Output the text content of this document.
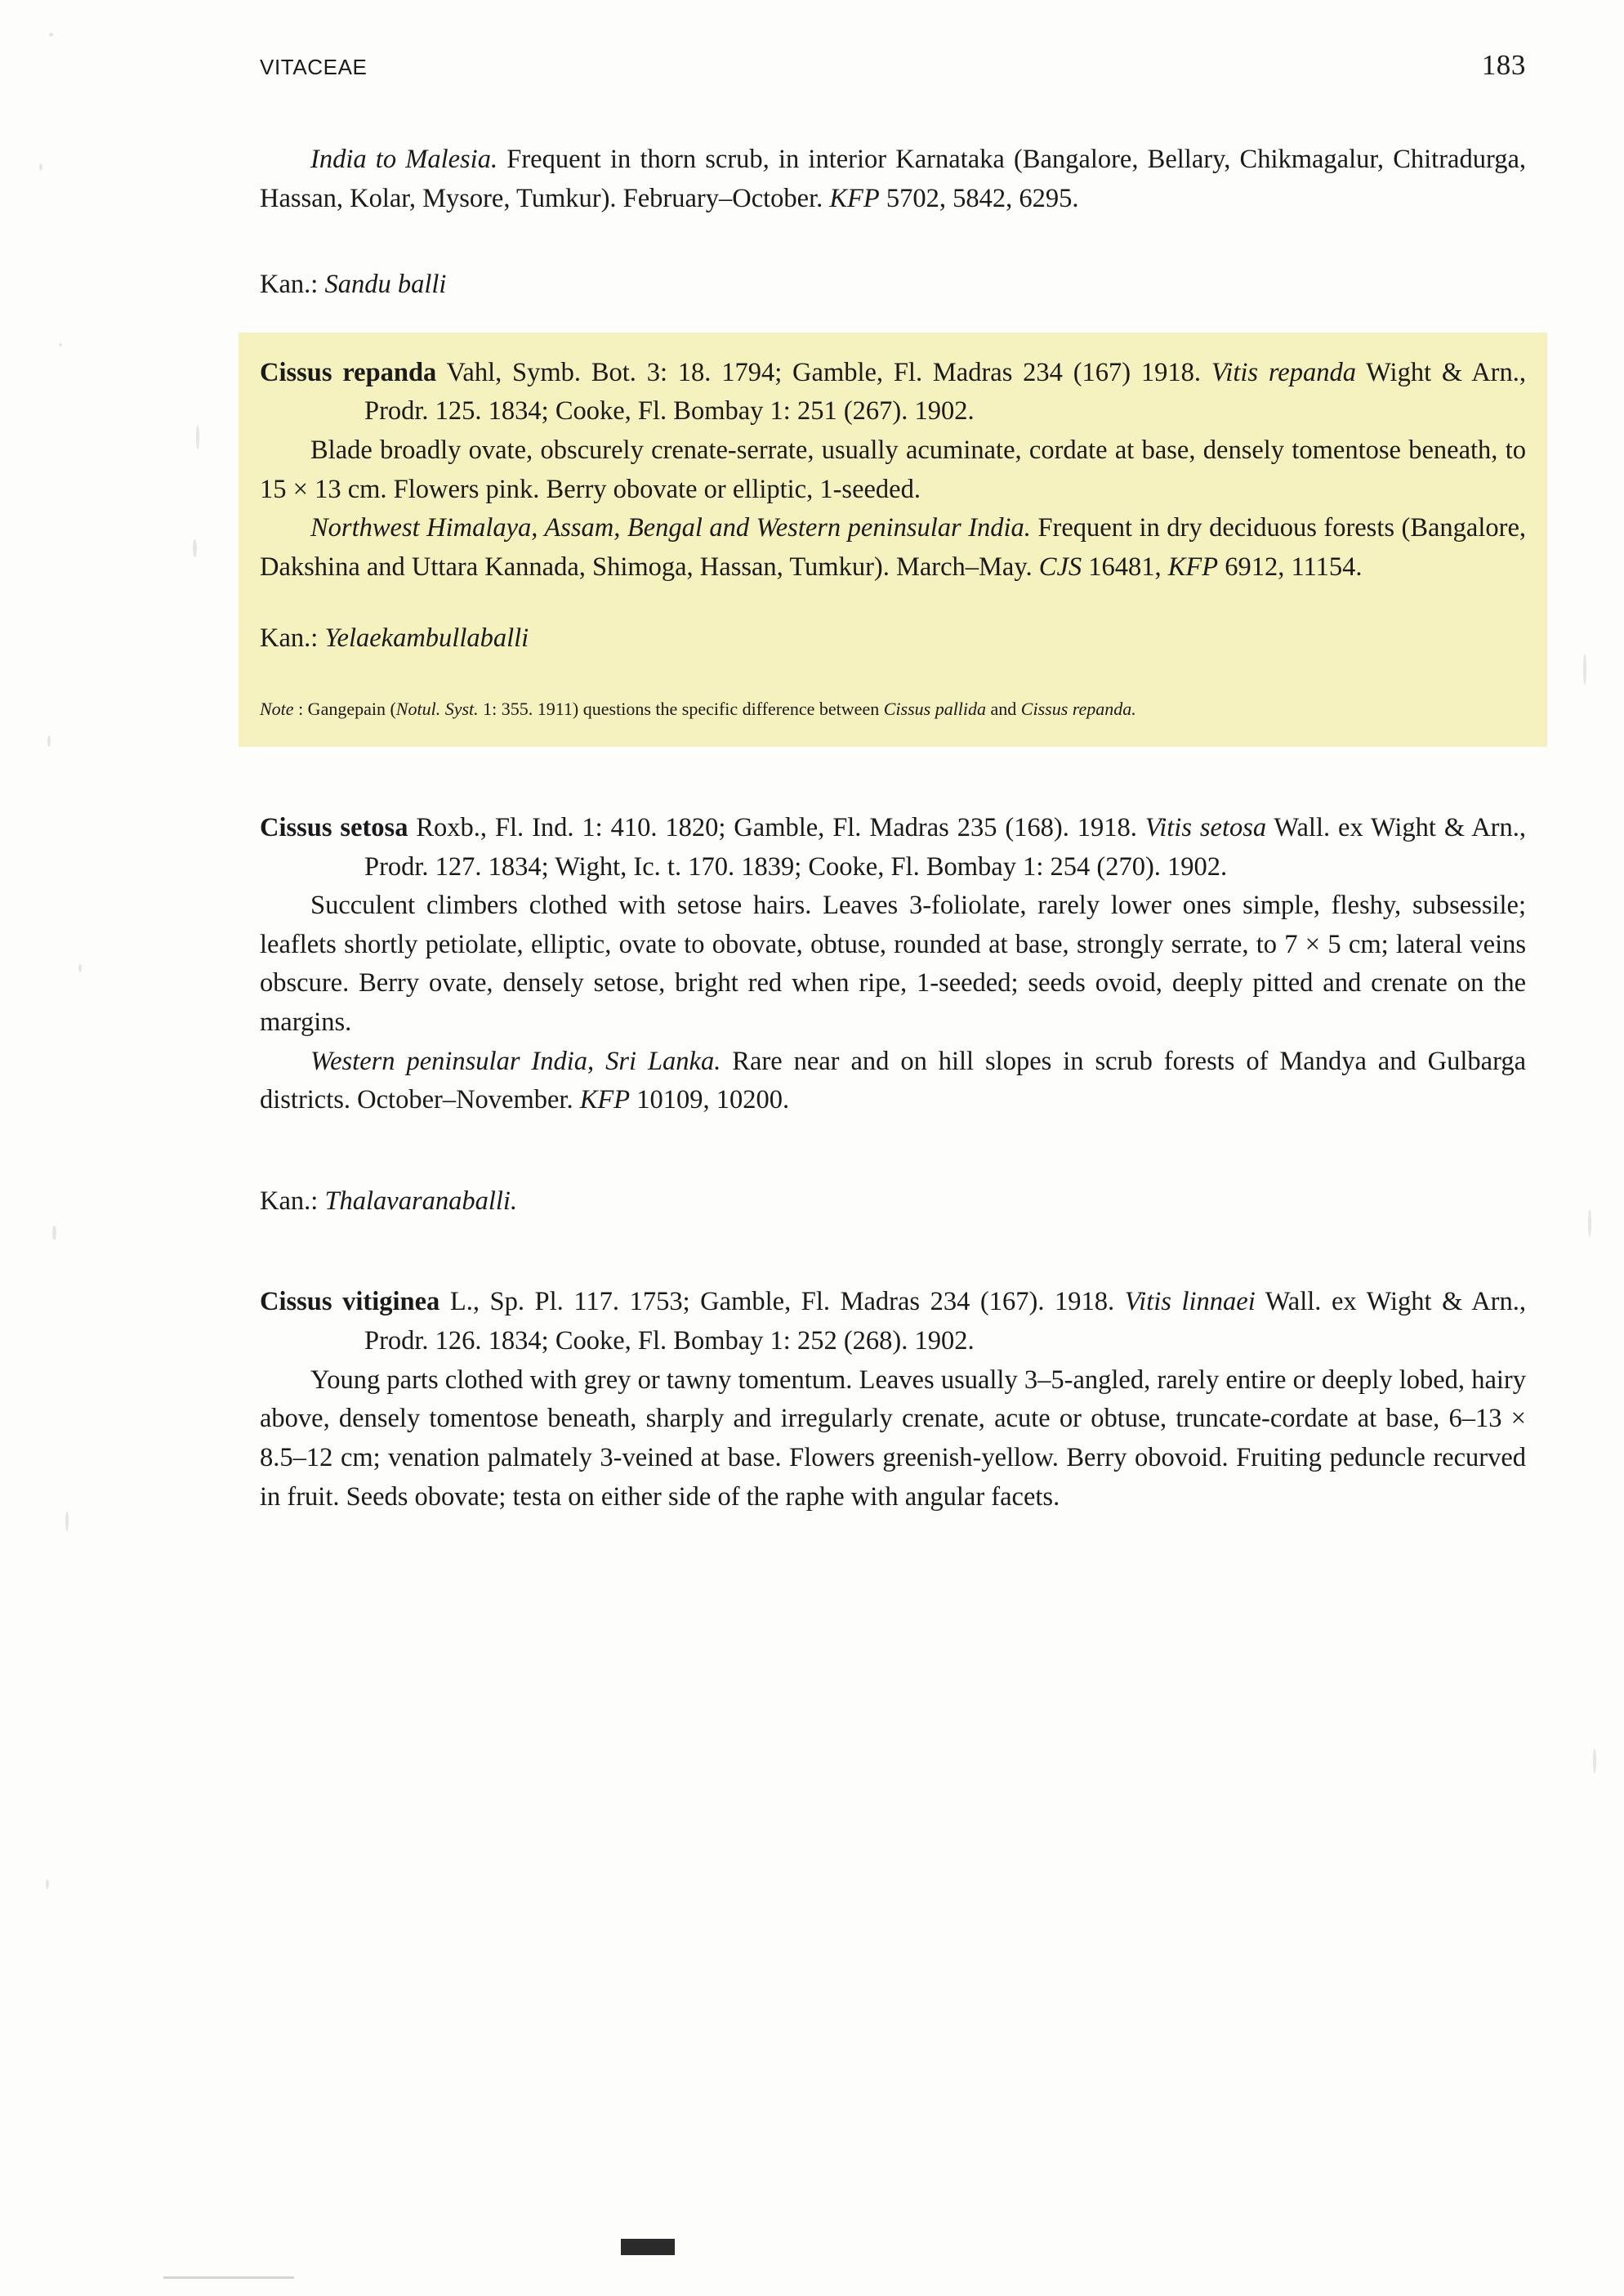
VITACEAE	183

India to Malesia. Frequent in thorn scrub, in interior Karnataka (Bangalore, Bellary, Chikmagalur, Chitradurga, Hassan, Kolar, Mysore, Tumkur). February–October. KFP 5702, 5842, 6295.

Kan.: Sandu balli

Cissus repanda Vahl, Symb. Bot. 3: 18. 1794; Gamble, Fl. Madras 234 (167) 1918. Vitis repanda Wight & Arn., Prodr. 125. 1834; Cooke, Fl. Bombay 1: 251 (267). 1902.

Blade broadly ovate, obscurely crenate-serrate, usually acuminate, cordate at base, densely tomentose beneath, to 15 × 13 cm. Flowers pink. Berry obovate or elliptic, 1-seeded.

Northwest Himalaya, Assam, Bengal and Western peninsular India. Frequent in dry deciduous forests (Bangalore, Dakshina and Uttara Kannada, Shimoga, Hassan, Tumkur). March–May. CJS 16481, KFP 6912, 11154.

Kan.: Yelaekambullaballi

Note : Gangepain (Notul. Syst. 1: 355. 1911) questions the specific difference between Cissus pallida and Cissus repanda.

Cissus setosa Roxb., Fl. Ind. 1: 410. 1820; Gamble, Fl. Madras 235 (168). 1918. Vitis setosa Wall. ex Wight & Arn., Prodr. 127. 1834; Wight, Ic. t. 170. 1839; Cooke, Fl. Bombay 1: 254 (270). 1902.

Succulent climbers clothed with setose hairs. Leaves 3-foliolate, rarely lower ones simple, fleshy, subsessile; leaflets shortly petiolate, elliptic, ovate to obovate, obtuse, rounded at base, strongly serrate, to 7 × 5 cm; lateral veins obscure. Berry ovate, densely setose, bright red when ripe, 1-seeded; seeds ovoid, deeply pitted and crenate on the margins.

Western peninsular India, Sri Lanka. Rare near and on hill slopes in scrub forests of Mandya and Gulbarga districts. October–November. KFP 10109, 10200.

Kan.: Thalavaranaballi.

Cissus vitiginea L., Sp. Pl. 117. 1753; Gamble, Fl. Madras 234 (167). 1918. Vitis linnaei Wall. ex Wight & Arn., Prodr. 126. 1834; Cooke, Fl. Bombay 1: 252 (268). 1902.

Young parts clothed with grey or tawny tomentum. Leaves usually 3–5-angled, rarely entire or deeply lobed, hairy above, densely tomentose beneath, sharply and irregularly crenate, acute or obtuse, truncate-cordate at base, 6–13 × 8.5–12 cm; venation palmately 3-veined at base. Flowers greenish-yellow. Berry obovoid. Fruiting peduncle recurved in fruit. Seeds obovate; testa on either side of the raphe with angular facets.
